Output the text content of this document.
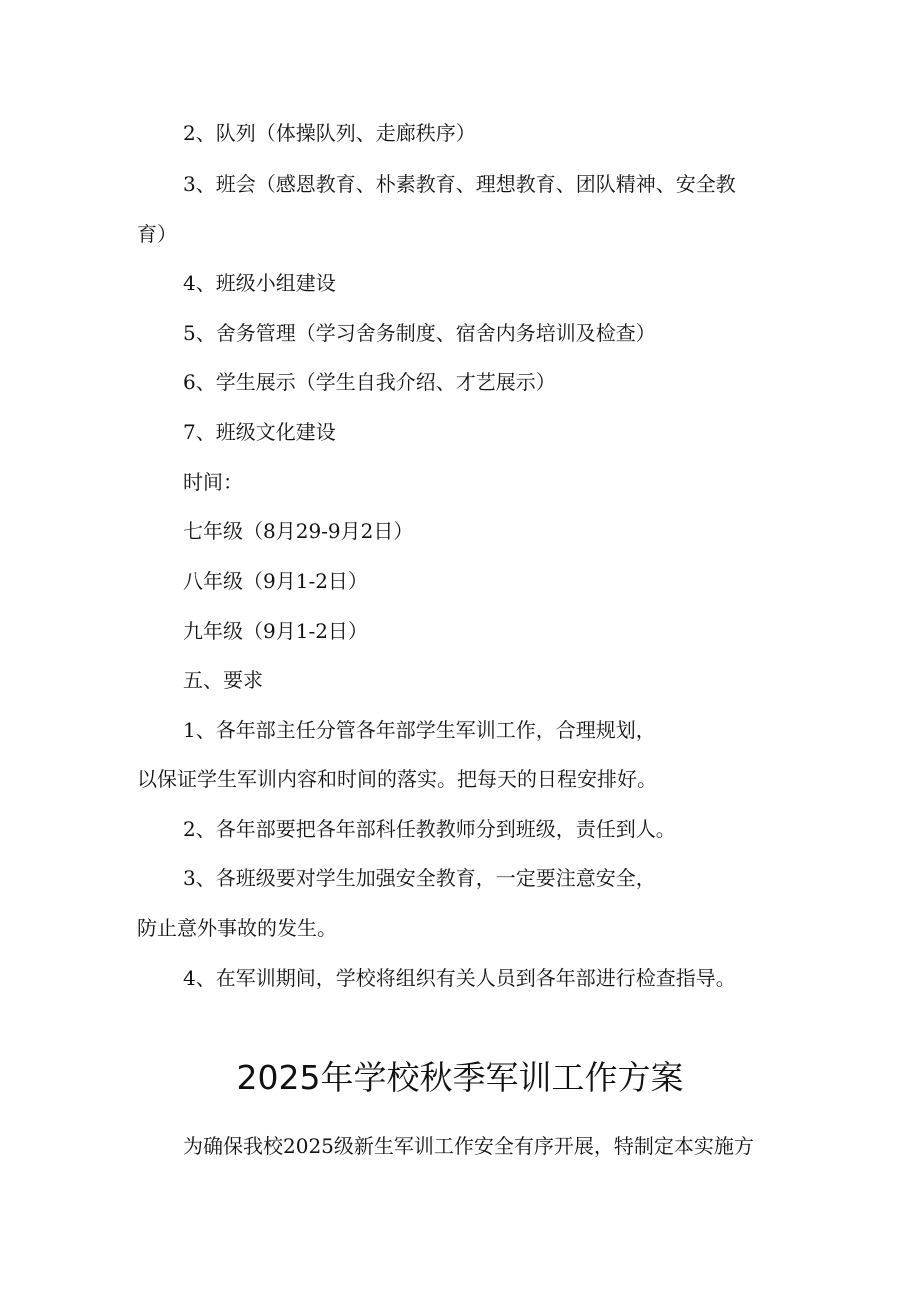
2、队列（体操队列、走廊秩序）
3、班会（感恩教育、朴素教育、理想教育、团队精神、安全教
育）
4、班级小组建设
5、舍务管理（学习舍务制度、宿舍内务培训及检查）
6、学生展示（学生自我介绍、才艺展示）
7、班级文化建设
时间：
七年级（8月29-9月2日）
八年级（9月1-2日）
九年级（9月1-2日）
五、要求
1、各年部主任分管各年部学生军训工作，合理规划，
以保证学生军训内容和时间的落实。把每天的日程安排好。
2、各年部要把各年部科任教教师分到班级，责任到人。
3、各班级要对学生加强安全教育，一定要注意安全，
防止意外事故的发生。
4、在军训期间，学校将组织有关人员到各年部进行检查指导。
2025年学校秋季军训工作方案
为确保我校2025级新生军训工作安全有序开展，特制定本实施方
